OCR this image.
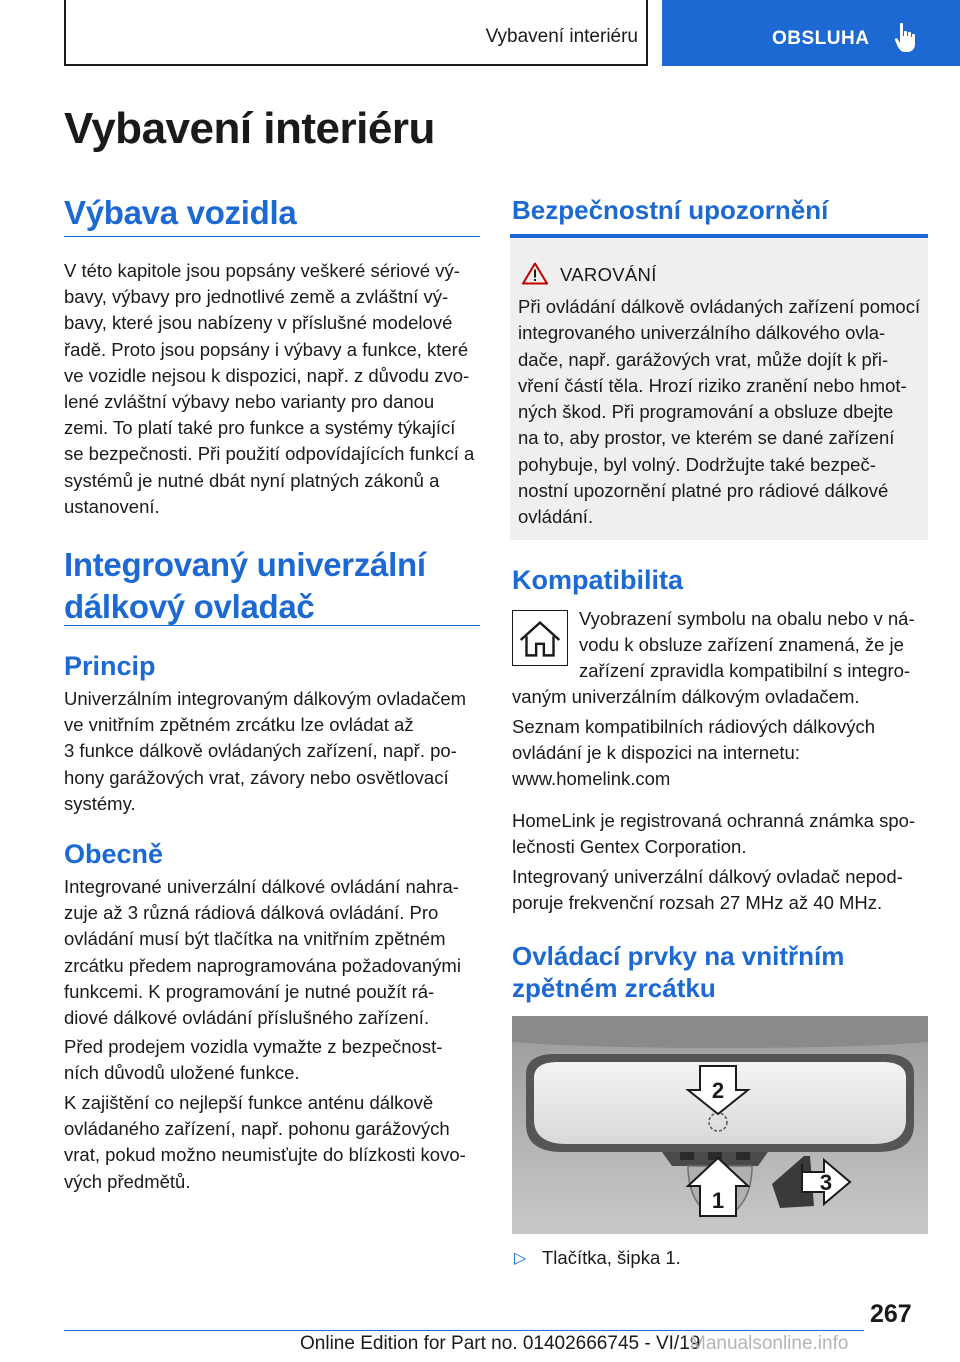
Vybavení interiéru	OBSLUHA
Vybavení interiéru
Výbava vozidla
V této kapitole jsou popsány veškeré sériové vý‐
bavy, výbavy pro jednotlivé země a zvláštní vý‐
bavy, které jsou nabízeny v příslušné modelové
řadě. Proto jsou popsány i výbavy a funkce, které
ve vozidle nejsou k dispozici, např. z důvodu zvo‐
lené zvláštní výbavy nebo varianty pro danou
zemi. To platí také pro funkce a systémy týkající
se bezpečnosti. Při použití odpovídajících funkcí a
systémů je nutné dbát nyní platných zákonů a
ustanovení.
Integrovaný univerzální
dálkový ovladač
Princip
Univerzálním integrovaným dálkovým ovladačem
ve vnitřním zpětném zrcátku lze ovládat až
3 funkce dálkově ovládaných zařízení, např. po‐
hony garážových vrat, závory nebo osvětlovací
systémy.
Obecně
Integrované univerzální dálkové ovládání nahra‐
zuje až 3 různá rádiová dálková ovládání. Pro
ovládání musí být tlačítka na vnitřním zpětném
zrcátku předem naprogramována požadovanými
funkcemi. K programování je nutné použít rá‐
diové dálkové ovládání příslušného zařízení.
Před prodejem vozidla vymažte z bezpečnost‐
ních důvodů uložené funkce.
K zajištění co nejlepší funkce anténu dálkově
ovládaného zařízení, např. pohonu garážových
vrat, pokud možno neumisťujte do blízkosti kovo‐
vých předmětů.
Bezpečnostní upozornění
VAROVÁNÍ
Při ovládání dálkově ovládaných zařízení pomocí
integrovaného univerzálního dálkového ovla‐
dače, např. garážových vrat, může dojít k při‐
vření částí těla. Hrozí riziko zranění nebo hmot‐
ných škod. Při programování a obsluze dbejte
na to, aby prostor, ve kterém se dané zařízení
pohybuje, byl volný. Dodržujte také bezpeč‐
nostní upozornění platné pro rádiové dálkové
ovládání.
Kompatibilita
Vyobrazení symbolu na obalu nebo v ná‐
vodu k obsluze zařízení znamená, že je
zařízení zpravidla kompatibilní s integro‐
vaným univerzálním dálkovým ovladačem.
Seznam kompatibilních rádiových dálkových
ovládání je k dispozici na internetu:
www.homelink.com
HomeLink je registrovaná ochranná známka spo‐
lečnosti Gentex Corporation.
Integrovaný univerzální dálkový ovladač nepod‐
poruje frekvenční rozsah 27 MHz až 40 MHz.
Ovládací prvky na vnitřním
zpětném zrcátku
2
1
3
▷ Tlačítka, šipka 1.
267
Online Edition for Part no. 01402666745 - VI/19
Manualsonline.info
